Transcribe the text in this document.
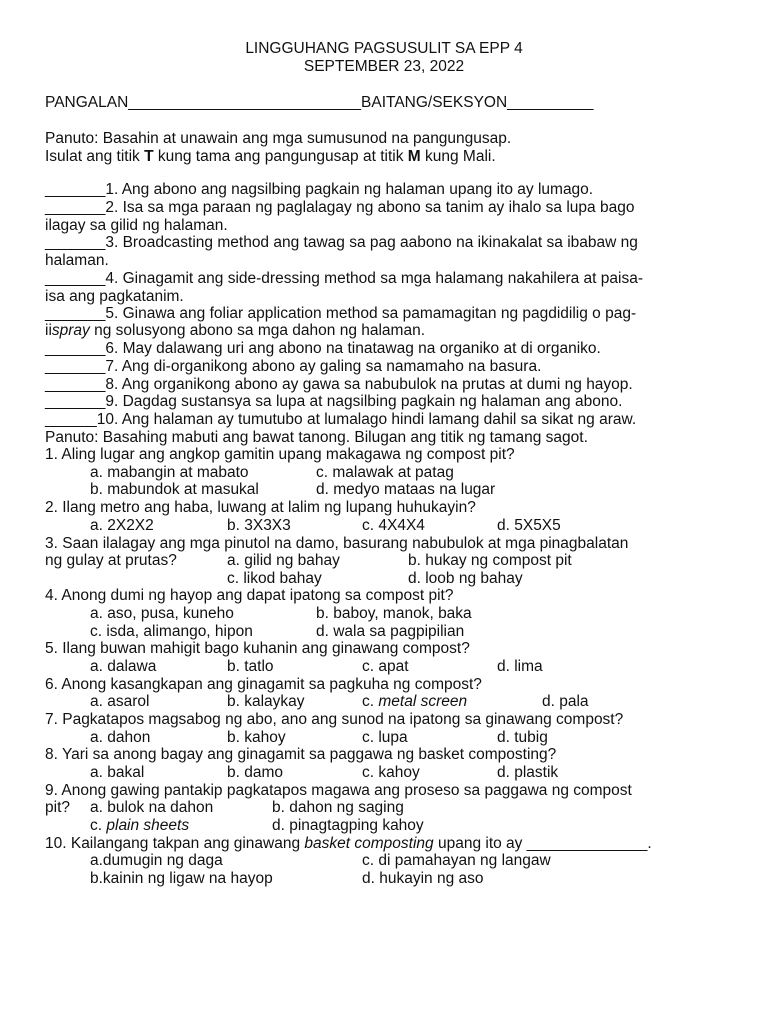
LINGGUHANG PAGSUSULIT SA EPP 4
SEPTEMBER 23, 2022
PANGALAN___________________________BAITANG/SEKSYON__________
Panuto: Basahin at unawain ang mga sumusunod na pangungusap.
Isulat ang titik T kung tama ang pangungusap at titik M kung Mali.
_______1. Ang abono ang nagsilbing pagkain ng halaman upang ito ay lumago.
_______2. Isa sa mga paraan ng paglalagay ng abono sa tanim ay ihalo sa lupa bago
ilagay sa gilid ng halaman.
_______3. Broadcasting method ang tawag sa pag aabono na ikinakalat sa ibabaw ng
halaman.
_______4. Ginagamit ang side-dressing method sa mga halamang nakahilera at paisa-
isa ang pagkatanim.
_______5. Ginawa ang foliar application method sa pamamagitan ng pagdidilig o pag-
iispray ng solusyong abono sa mga dahon ng halaman.
_______6. May dalawang uri ang abono na tinatawag na organiko at di organiko.
_______7. Ang di-organikong abono ay galing sa namamaho na basura.
_______8. Ang organikong abono ay gawa sa nabubulok na prutas at dumi ng hayop.
_______9. Dagdag sustansya sa lupa at nagsilbing pagkain ng halaman ang abono.
______10. Ang halaman ay tumutubo at lumalago hindi lamang dahil sa sikat ng araw.
Panuto: Basahing mabuti ang bawat tanong. Bilugan ang titik ng tamang sagot.
1. Aling lugar ang angkop gamitin upang makagawa ng compost pit?
a. mabangin at mabato	c. malawak at patag
b. mabundok at masukal	d. medyo mataas na lugar
2. Ilang metro ang haba, luwang at lalim ng lupang huhukayin?
a. 2X2X2	b. 3X3X3	c. 4X4X4	d. 5X5X5
3. Saan ilalagay ang mga pinutol na damo, basurang nabubulok at mga pinagbalatan
ng gulay at prutas?	a. gilid ng bahay	b. hukay ng compost pit
c. likod bahay	d. loob ng bahay
4. Anong dumi ng hayop ang dapat ipatong sa compost pit?
a. aso, pusa, kuneho	b. baboy, manok, baka
c. isda, alimango, hipon	d. wala sa pagpipilian
5. Ilang buwan mahigit bago kuhanin ang ginawang compost?
a. dalawa	b. tatlo	c. apat	d. lima
6. Anong kasangkapan ang ginagamit sa pagkuha ng compost?
a. asarol	b. kalaykay	c. metal screen	d. pala
7. Pagkatapos magsabog ng abo, ano ang sunod na ipatong sa ginawang compost?
a. dahon	b. kahoy	c. lupa	d. tubig
8. Yari sa anong bagay ang ginagamit sa paggawa ng basket composting?
a. bakal	b. damo	c. kahoy	d. plastik
9. Anong gawing pantakip pagkatapos magawa ang proseso sa paggawa ng compost
pit? a. bulok na dahon	b. dahon ng saging
c. plain sheets	d. pinagtagping kahoy
10. Kailangang takpan ang ginawang basket composting upang ito ay ______________.
a.dumugin ng daga	c. di pamahayan ng langaw
b.kainin ng ligaw na hayop	d. hukayin ng aso
